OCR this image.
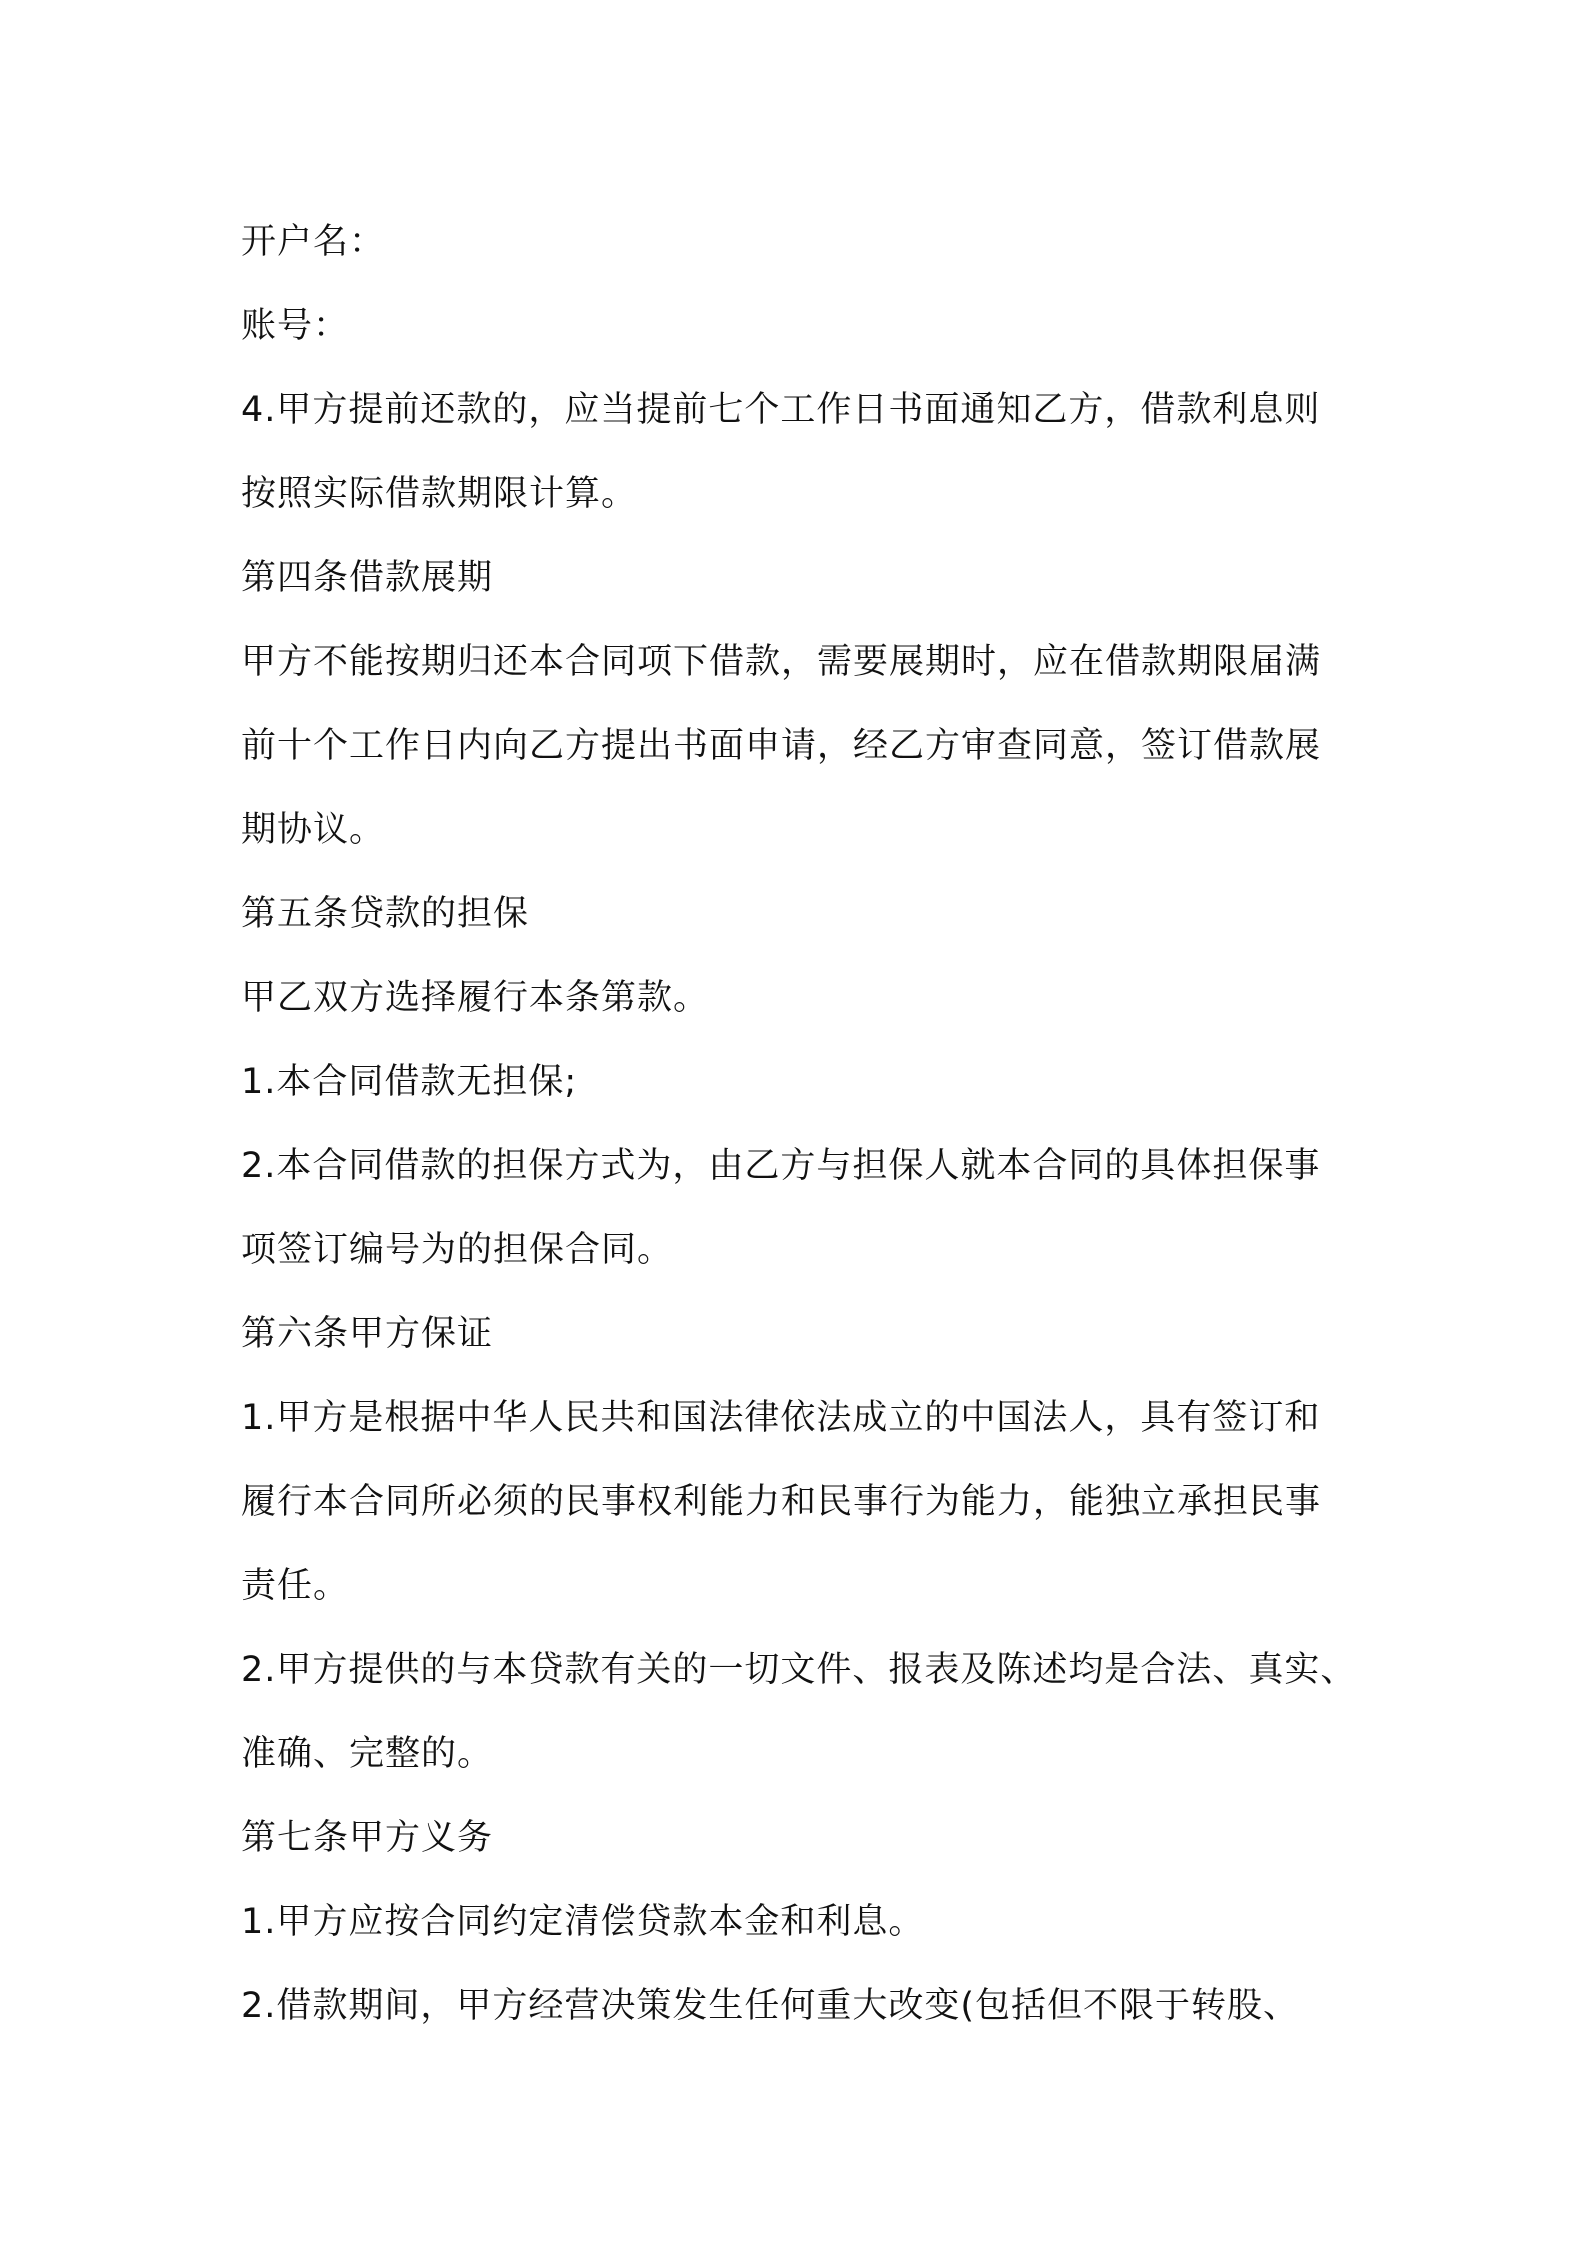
开户名：
账号：
4.甲方提前还款的，应当提前七个工作日书面通知乙方，借款利息则
按照实际借款期限计算。
第四条借款展期
甲方不能按期归还本合同项下借款，需要展期时，应在借款期限届满
前十个工作日内向乙方提出书面申请，经乙方审查同意，签订借款展
期协议。
第五条贷款的担保
甲乙双方选择履行本条第款。
1.本合同借款无担保;
2.本合同借款的担保方式为，由乙方与担保人就本合同的具体担保事
项签订编号为的担保合同。
第六条甲方保证
1.甲方是根据中华人民共和国法律依法成立的中国法人，具有签订和
履行本合同所必须的民事权利能力和民事行为能力，能独立承担民事
责任。
2.甲方提供的与本贷款有关的一切文件、报表及陈述均是合法、真实、
准确、完整的。
第七条甲方义务
1.甲方应按合同约定清偿贷款本金和利息。
2.借款期间，甲方经营决策发生任何重大改变(包括但不限于转股、
